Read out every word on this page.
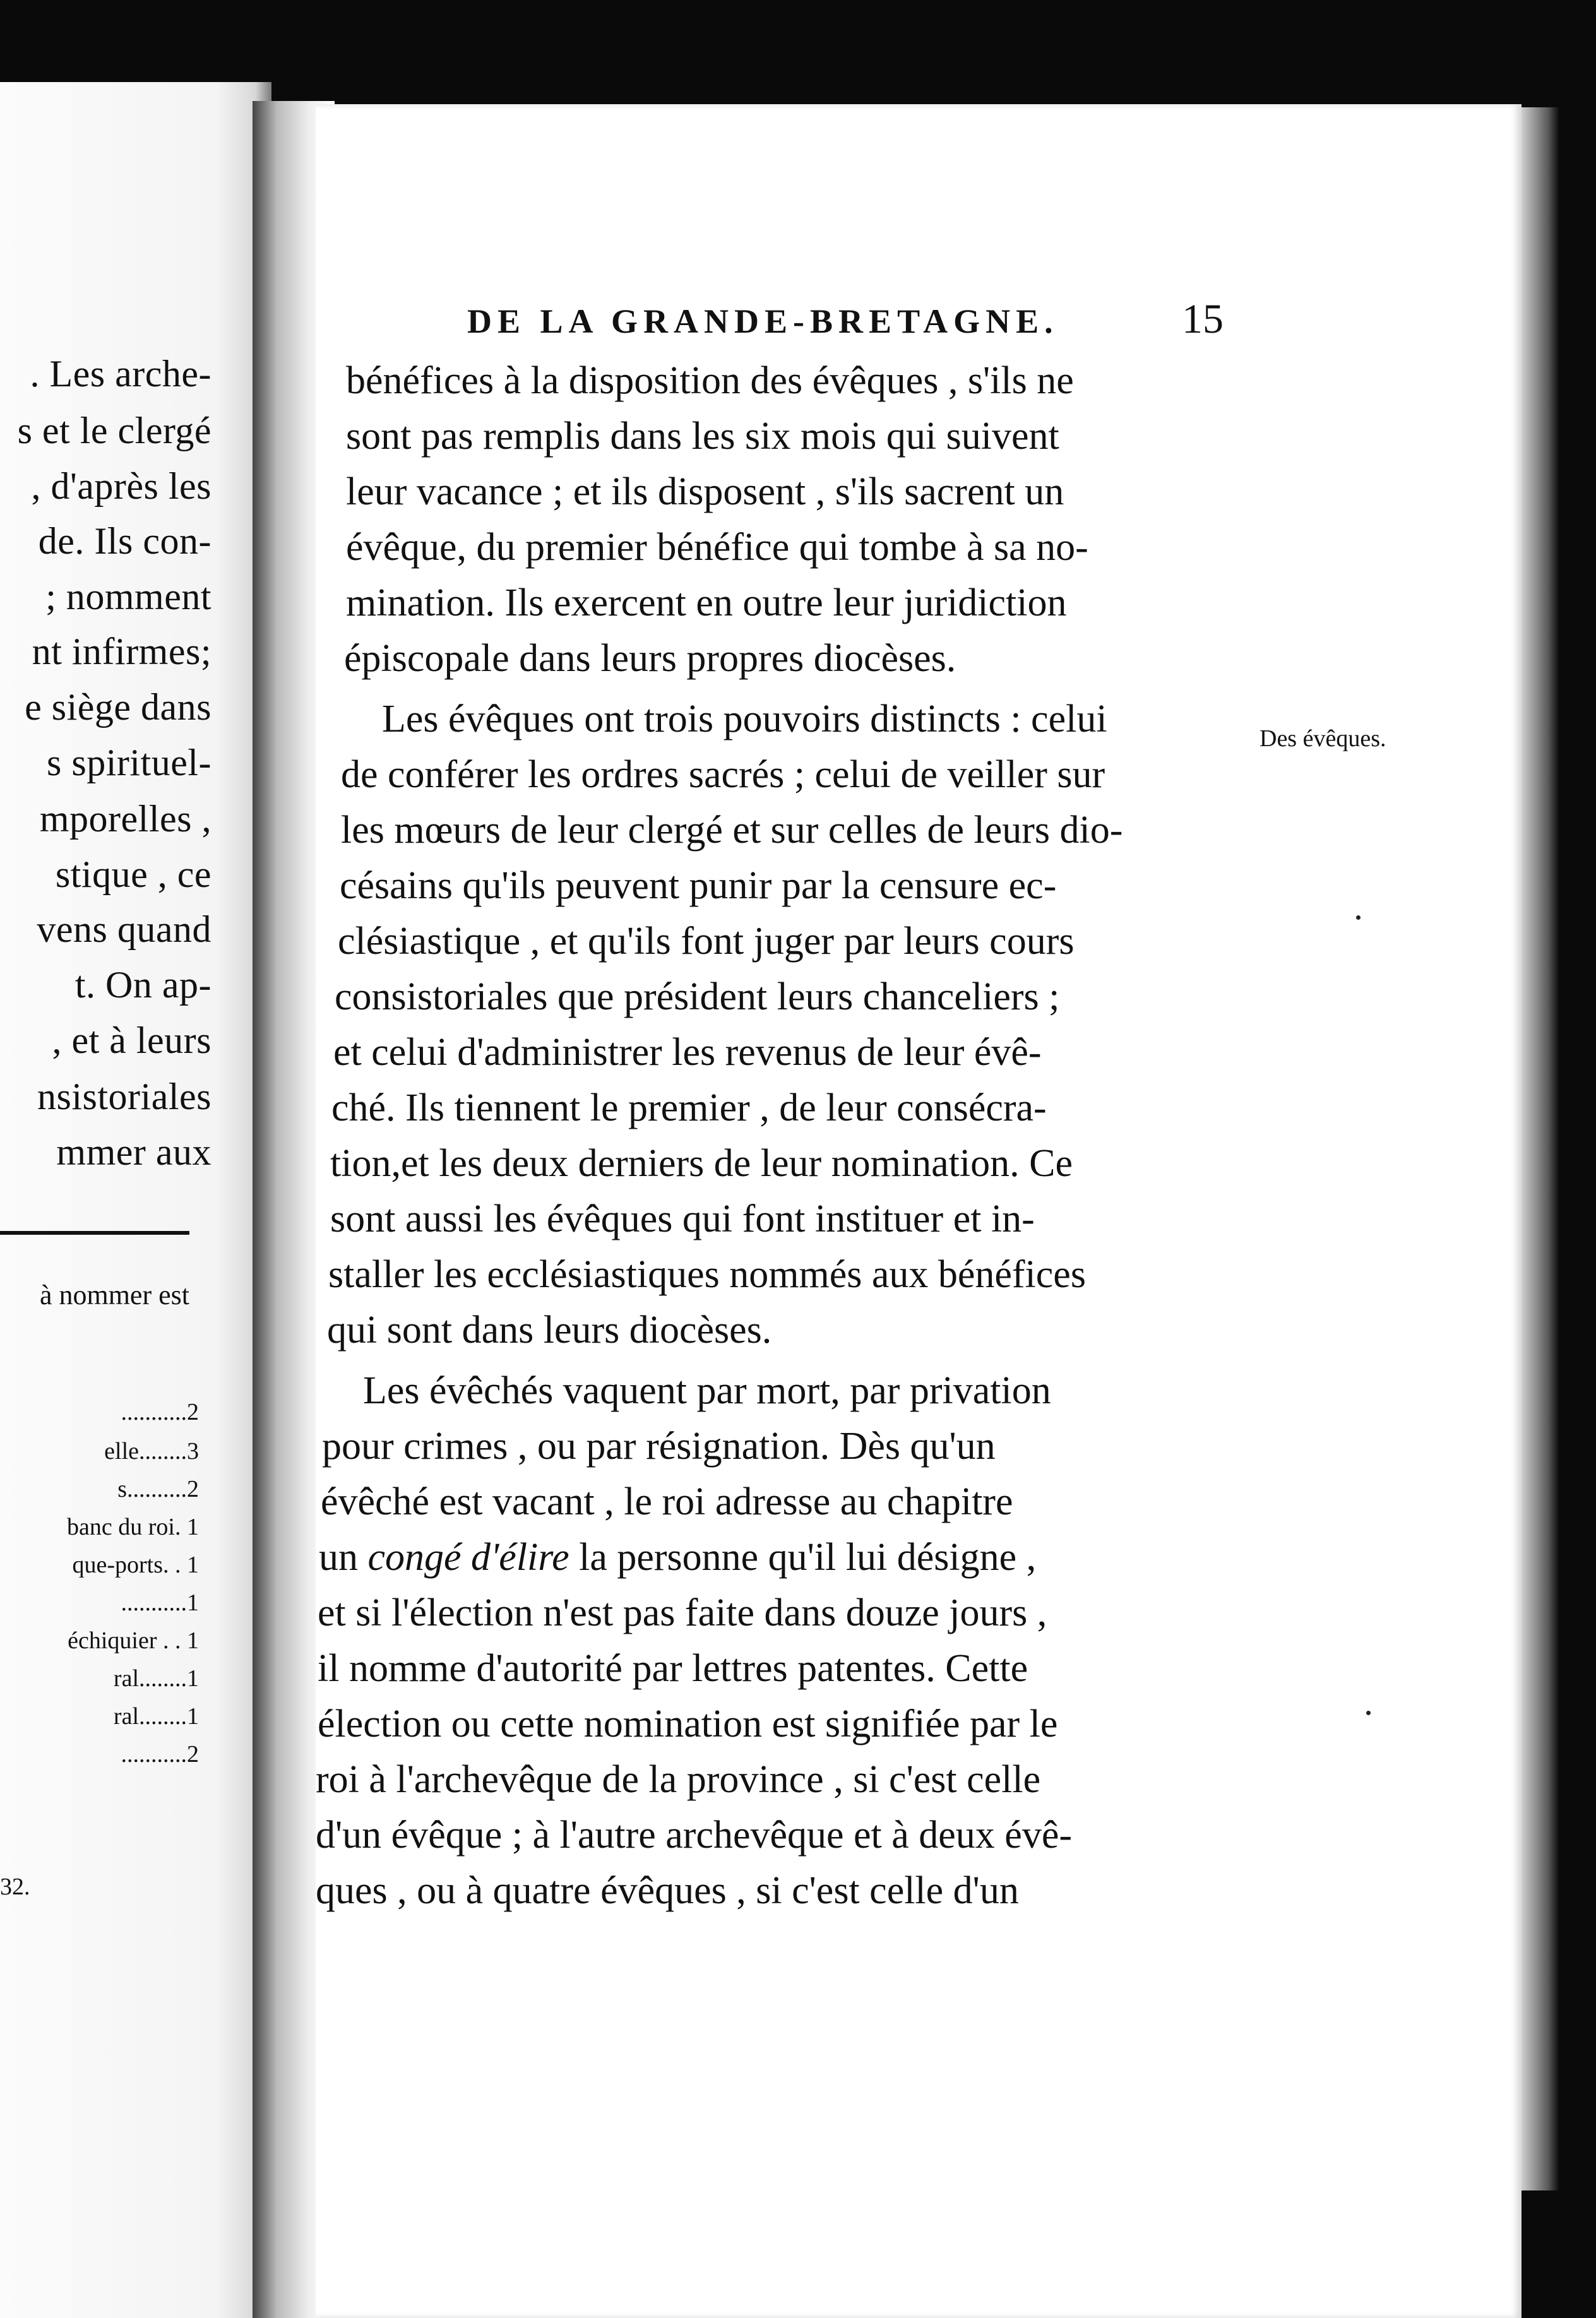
. Les arche-
s et le clergé
, d'après les
de. Ils con-
; nomment
nt infirmes;
e siège dans
s spirituel-
mporelles ,
stique , ce
vens quand
t. On ap-
, et à leurs
nsistoriales
mmer aux
à nommer est
...........2
elle........3
s..........2
banc du roi. 1
que-ports. . 1
...........1
échiquier . . 1
ral........1
ral........1
...........2
32.
DE LA GRANDE-BRETAGNE.	15
Des évêques.
bénéfices à la disposition des évêques , s'ils ne
sont pas remplis dans les six mois qui suivent
leur vacance ; et ils disposent , s'ils sacrent un
évêque, du premier bénéfice qui tombe à sa no-
mination. Ils exercent en outre leur juridiction
épiscopale dans leurs propres diocèses.
Les évêques ont trois pouvoirs distincts : celui
de conférer les ordres sacrés ; celui de veiller sur
les mœurs de leur clergé et sur celles de leurs dio-
césains qu'ils peuvent punir par la censure ec-
clésiastique , et qu'ils font juger par leurs cours
consistoriales que président leurs chanceliers ;
et celui d'administrer les revenus de leur évê-
ché. Ils tiennent le premier , de leur consécra-
tion,et les deux derniers de leur nomination. Ce
sont aussi les évêques qui font instituer et in-
staller les ecclésiastiques nommés aux bénéfices
qui sont dans leurs diocèses.
Les évêchés vaquent par mort, par privation
pour crimes , ou par résignation. Dès qu'un
évêché est vacant , le roi adresse au chapitre
un congé d'élire la personne qu'il lui désigne ,
et si l'élection n'est pas faite dans douze jours ,
il nomme d'autorité par lettres patentes. Cette
élection ou cette nomination est signifiée par le
roi à l'archevêque de la province , si c'est celle
d'un évêque ; à l'autre archevêque et à deux évê-
ques , ou à quatre évêques , si c'est celle d'un
